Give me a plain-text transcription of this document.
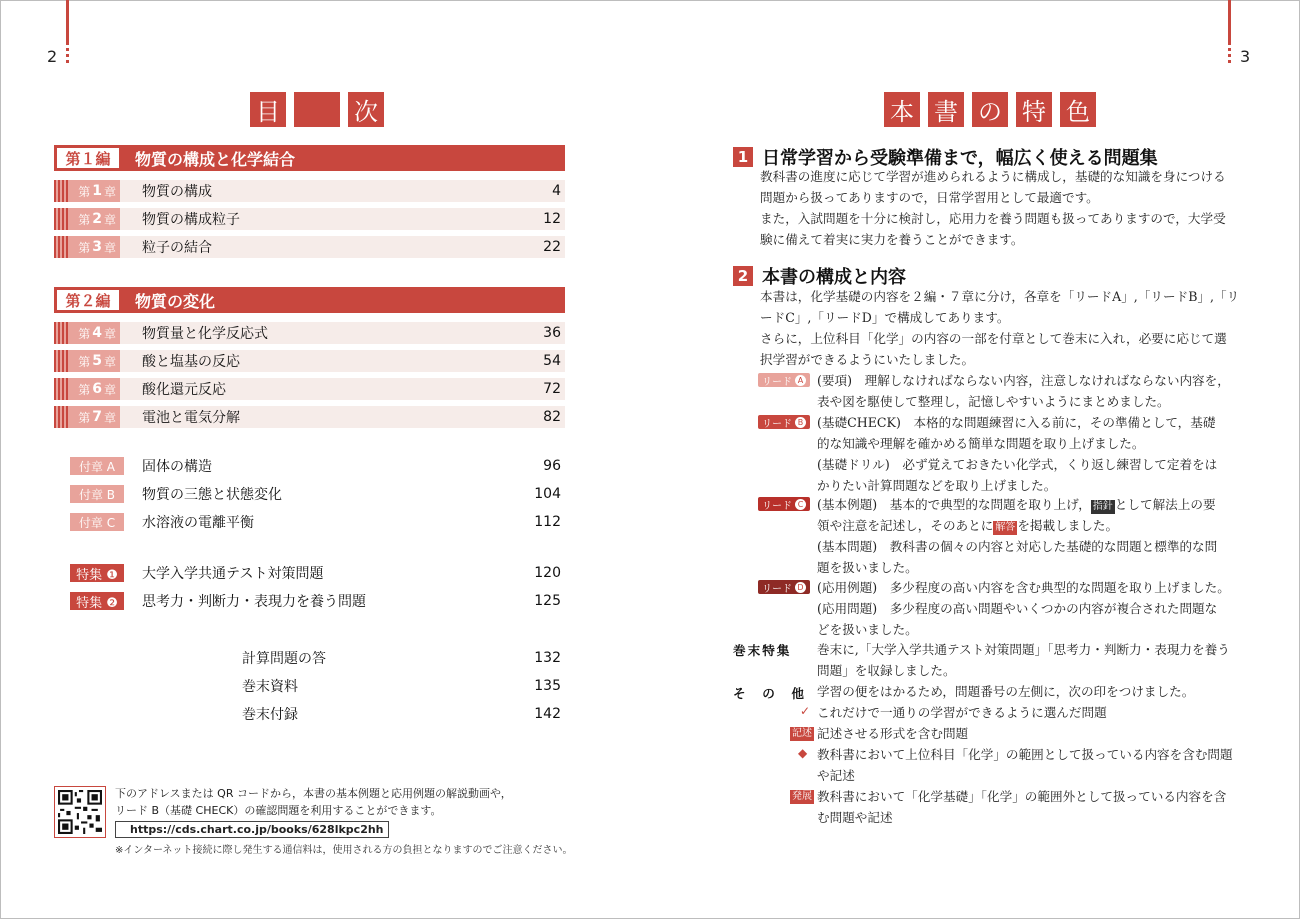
2	3
目	次
第１編	物質の構成と化学結合
第 1 章 物質の構成	4
第 2 章 物質の構成粒子	12
第 3 章 粒子の結合	22
第２編	物質の変化
第 4 章 物質量と化学反応式	36
第 5 章 酸と塩基の反応	54
第 6 章 酸化還元反応	72
第 7 章 電池と電気分解	82
付章 A	固体の構造	96
付章 B	物質の三態と状態変化	104
付章 C	水溶液の電離平衡	112
特集 ❶	大学入学共通テスト対策問題	120
特集 ❷	思考力・判断力・表現力を養う問題	125
計算問題の答	132
巻末資料	135
巻末付録	142
下のアドレスまたは QR コードから，本書の基本例題と応用例題の解説動画や，
リード B（基礎 CHECK）の確認問題を利用することができます。
https://cds.chart.co.jp/books/628lkpc2hh
※インターネット接続に際し発生する通信料は，使用される方の負担となりますのでご注意ください。
本 書 の 特 色
1 日常学習から受験準備まで，幅広く使える問題集
教科書の進度に応じて学習が進められるように構成し，基礎的な知識を身につける
問題から扱ってありますので，日常学習用として最適です。
また，入試問題を十分に検討し，応用力を養う問題も扱ってありますので，大学受
験に備えて着実に実力を養うことができます。
2 本書の構成と内容
本書は，化学基礎の内容を２編・７章に分け，各章を「リードA」,「リードB」,「リ
ードC」,「リードD」で構成してあります。
さらに，上位科目「化学」の内容の一部を付章として巻末に入れ，必要に応じて選
択学習ができるようにいたしました。
リード A (要項)　理解しなければならない内容，注意しなければならない内容を，
表や図を駆使して整理し，記憶しやすいようにまとめました。
リード B (基礎CHECK)　本格的な問題練習に入る前に，その準備として，基礎
的な知識や理解を確かめる簡単な問題を取り上げました。
(基礎ドリル)　必ず覚えておきたい化学式，くり返し練習して定着をは
かりたい計算問題などを取り上げました。
リード C (基本例題)　基本的で典型的な問題を取り上げ， 指針 として解法上の要
領や注意を記述し，そのあとに 解答 を掲載しました。
(基本問題)　教科書の個々の内容と対応した基礎的な問題と標準的な問
題を扱いました。
リード D (応用例題)　多少程度の高い内容を含む典型的な問題を取り上げました。
(応用問題)　多少程度の高い問題やいくつかの内容が複合された問題な
どを扱いました。
巻末特集 巻末に,「大学入学共通テスト対策問題」「思考力・判断力・表現力を養う
問題」を収録しました。
そ　の　他 学習の便をはかるため，問題番号の左側に，次の印をつけました。
✓ これだけで一通りの学習ができるように選んだ問題
記述 記述させる形式を含む問題
◆ 教科書において上位科目「化学」の範囲として扱っている内容を含む問題
や記述
発展 教科書において「化学基礎」「化学」の範囲外として扱っている内容を含
む問題や記述
